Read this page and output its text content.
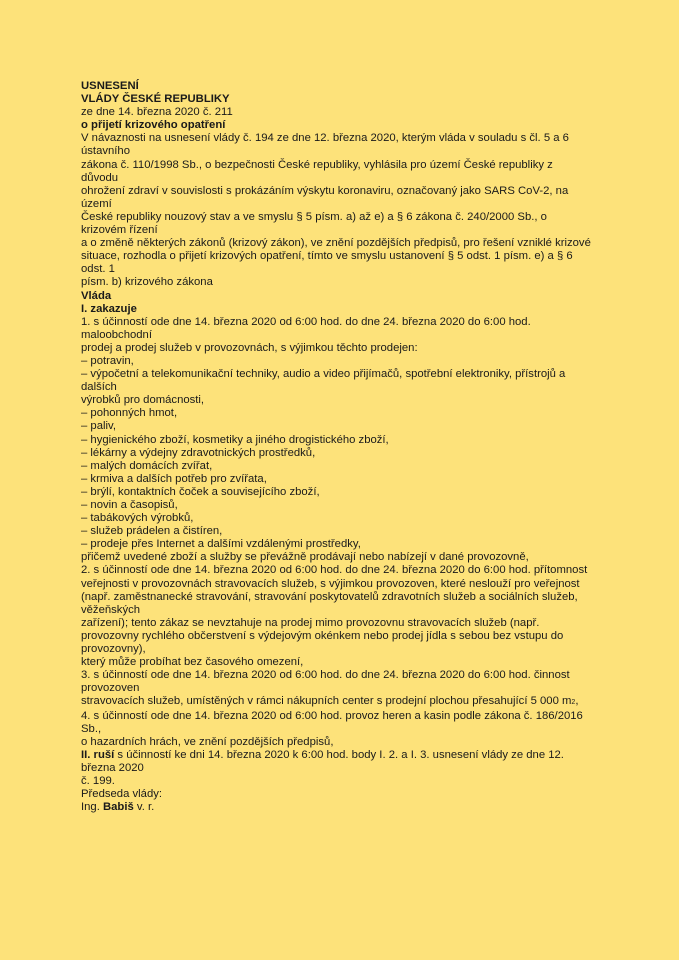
USNESENÍ
VLÁDY ČESKÉ REPUBLIKY
ze dne 14. března 2020 č. 211
o přijetí krizového opatření
V návaznosti na usnesení vlády č. 194 ze dne 12. března 2020, kterým vláda v souladu s čl. 5 a 6
ústavního
zákona č. 110/1998 Sb., o bezpečnosti České republiky, vyhlásila pro území České republiky z
důvodu
ohrožení zdraví v souvislosti s prokázáním výskytu koronaviru, označovaný jako SARS CoV-2, na
území
České republiky nouzový stav a ve smyslu § 5 písm. a) až e) a § 6 zákona č. 240/2000 Sb., o
krizovém řízení
a o změně některých zákonů (krizový zákon), ve znění pozdějších předpisů, pro řešení vzniklé krizové
situace, rozhodla o přijetí krizových opatření, tímto ve smyslu ustanovení § 5 odst. 1 písm. e) a § 6
odst. 1
písm. b) krizového zákona
Vláda
I. zakazuje
1. s účinností ode dne 14. března 2020 od 6:00 hod. do dne 24. března 2020 do 6:00 hod.
maloobchodní
prodej a prodej služeb v provozovnách, s výjimkou těchto prodejen:
– potravin,
– výpočetní a telekomunikační techniky, audio a video přijímačů, spotřební elektroniky, přístrojů a
dalších
výrobků pro domácnosti,
– pohonných hmot,
– paliv,
– hygienického zboží, kosmetiky a jiného drogistického zboží,
– lékárny a výdejny zdravotnických prostředků,
– malých domácích zvířat,
– krmiva a dalších potřeb pro zvířata,
– brýlí, kontaktních čoček a souvisejícího zboží,
– novin a časopisů,
– tabákových výrobků,
– služeb prádelen a čistíren,
– prodeje přes Internet a dalšími vzdálenými prostředky,
přičemž uvedené zboží a služby se převážně prodávají nebo nabízejí v dané provozovně,
2. s účinností ode dne 14. března 2020 od 6:00 hod. do dne 24. března 2020 do 6:00 hod. přítomnost
veřejnosti v provozovnách stravovacích služeb, s výjimkou provozoven, které neslouží pro veřejnost
(např. zaměstnanecké stravování, stravování poskytovatelů zdravotních služeb a sociálních služeb,
věžeňských
zařízení); tento zákaz se nevztahuje na prodej mimo provozovnu stravovacích služeb (např.
provozovny rychlého občerstvení s výdejovým okénkem nebo prodej jídla s sebou bez vstupu do
provozovny),
který může probíhat bez časového omezení,
3. s účinností ode dne 14. března 2020 od 6:00 hod. do dne 24. března 2020 do 6:00 hod. činnost
provozoven
stravovacích služeb, umístěných v rámci nákupních center s prodejní plochou přesahující 5 000 m2,
4. s účinností ode dne 14. března 2020 od 6:00 hod. provoz heren a kasin podle zákona č. 186/2016
Sb.,
o hazardních hrách, ve znění pozdějších předpisů,
II. ruší s účinností ke dni 14. března 2020 k 6:00 hod. body I. 2. a I. 3. usnesení vlády ze dne 12.
března 2020
č. 199.
Předseda vlády:
Ing. Babiš v. r.
